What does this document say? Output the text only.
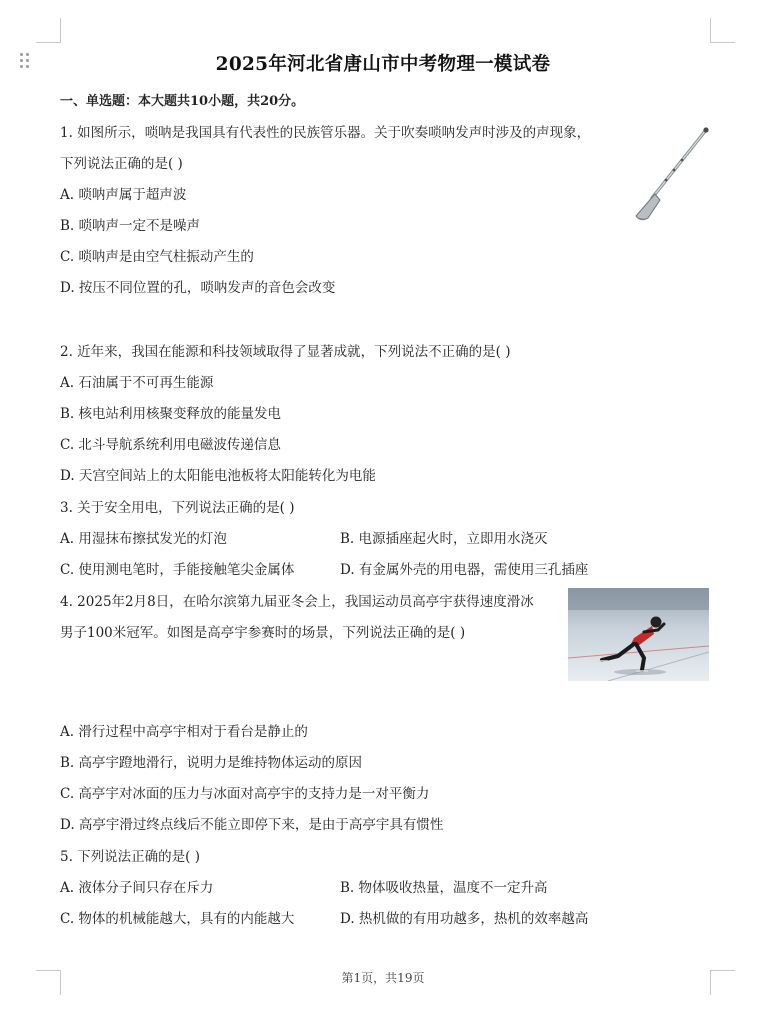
2025年河北省唐山市中考物理一模试卷
一、单选题：本大题共10小题，共20分。
1. 如图所示，唢呐是我国具有代表性的民族管乐器。关于吹奏唢呐发声时涉及的声现象，
下列说法正确的是( )
A. 唢呐声属于超声波
B. 唢呐声一定不是噪声
C. 唢呐声是由空气柱振动产生的
D. 按压不同位置的孔，唢呐发声的音色会改变
2. 近年来，我国在能源和科技领域取得了显著成就，下列说法不正确的是( )
A. 石油属于不可再生能源
B. 核电站利用核聚变释放的能量发电
C. 北斗导航系统利用电磁波传递信息
D. 天宫空间站上的太阳能电池板将太阳能转化为电能
3. 关于安全用电，下列说法正确的是( )
A. 用湿抹布擦拭发光的灯泡	B. 电源插座起火时，立即用水浇灭
C. 使用测电笔时，手能接触笔尖金属体	D. 有金属外壳的用电器，需使用三孔插座
4. 2025年2月8日，在哈尔滨第九届亚冬会上，我国运动员高亭宇获得速度滑冰
男子100米冠军。如图是高亭宇参赛时的场景，下列说法正确的是( )
A. 滑行过程中高亭宇相对于看台是静止的
B. 高亭宇蹬地滑行，说明力是维持物体运动的原因
C. 高亭宇对冰面的压力与冰面对高亭宇的支持力是一对平衡力
D. 高亭宇滑过终点线后不能立即停下来，是由于高亭宇具有惯性
5. 下列说法正确的是( )
A. 液体分子间只存在斥力	B. 物体吸收热量，温度不一定升高
C. 物体的机械能越大，具有的内能越大	D. 热机做的有用功越多，热机的效率越高
第1页，共19页
